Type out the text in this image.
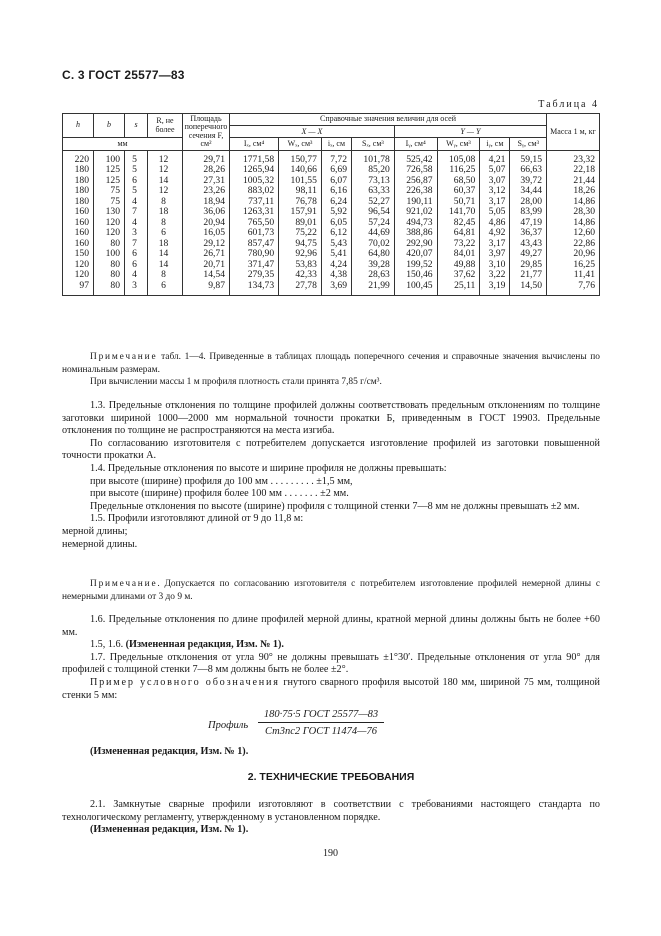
С. 3 ГОСТ 25577—83
Таблица 4
h	b	s	R, не более	Площадь поперечного сечения F, см²	Справочные значения величин для осей								Масса 1 м, кг
					X — X				Y — Y				
мм					Iₓ, см⁴	Wₓ, см³	iₓ, см	Sₓ, см³	Iᵧ, см⁴	Wᵧ, см³	iᵧ, см	Sᵧ, см³	
220	100	5	12	29,71	1771,58	150,77	7,72	101,78	525,42	105,08	4,21	59,15	23,32
180	125	5	12	28,26	1265,94	140,66	6,69	85,20	726,58	116,25	5,07	66,63	22,18
180	125	6	14	27,31	1005,32	101,55	6,07	73,13	256,87	68,50	3,07	39,72	21,44
180	75	5	12	23,26	883,02	98,11	6,16	63,33	226,38	60,37	3,12	34,44	18,26
180	75	4	8	18,94	737,11	76,78	6,24	52,27	190,11	50,71	3,17	28,00	14,86
160	130	7	18	36,06	1263,31	157,91	5,92	96,54	921,02	141,70	5,05	83,99	28,30
160	120	4	8	20,94	765,50	89,01	6,05	57,24	494,73	82,45	4,86	47,19	14,86
160	120	3	6	16,05	601,73	75,22	6,12	44,69	388,86	64,81	4,92	36,37	12,60
160	80	7	18	29,12	857,47	94,75	5,43	70,02	292,90	73,22	3,17	43,43	22,86
150	100	6	14	26,71	780,90	92,96	5,41	64,80	420,07	84,01	3,97	49,27	20,96
120	80	6	14	20,71	371,47	53,83	4,24	39,28	199,52	49,88	3,10	29,85	16,25
120	80	4	8	14,54	279,35	42,33	4,38	28,63	150,46	37,62	3,22	21,77	11,41
97	80	3	6	9,87	134,73	27,78	3,69	21,99	100,45	25,11	3,19	14,50	7,76

Примечание табл. 1—4. Приведенные в таблицах площадь поперечного сечения и справочные значения вычислены по номинальным размерам.

При вычислении массы 1 м профиля плотность стали принята 7,85 г/см³.

1.3. Предельные отклонения по толщине профилей должны соответствовать предельным отклонениям по толщине заготовки шириной 1000—2000 мм нормальной точности прокатки Б, приведенным в ГОСТ 19903. Предельные отклонения по толщине не распространяются на места изгиба.

По согласованию изготовителя с потребителем допускается изготовление профилей из заготовки повышенной точности прокатки А.

1.4. Предельные отклонения по высоте и ширине профиля не должны превышать:

при высоте (ширине) профиля до 100 мм . . . . . . . . . ±1,5 мм,

при высоте (ширине) профиля более 100 мм . . . . . . . ±2 мм.

Предельные отклонения по высоте (ширине) профиля с толщиной стенки 7—8 мм не должны превышать ±2 мм.

1.5. Профили изготовляют длиной от 9 до 11,8 м:

мерной длины;

немерной длины.

Примечание. Допускается по согласованию изготовителя с потребителем изготовление профилей немерной длины с немерными длинами от 3 до 9 м.

1.6. Предельные отклонения по длине профилей мерной длины, кратной мерной длины должны быть не более +60 мм.

1.5, 1.6. (Измененная редакция, Изм. № 1).

1.7. Предельные отклонения от угла 90° не должны превышать ±1°30′. Предельные отклонения от угла 90° для профилей с толщиной стенки 7—8 мм должны быть не более ±2°.

Пример условного обозначения гнутого сварного профиля высотой 180 мм, шириной 75 мм, толщиной стенки 5 мм:

Профиль
180·75·5 ГОСТ 25577—83
Ст3пс2 ГОСТ 11474—76

(Измененная редакция, Изм. № 1).

2. ТЕХНИЧЕСКИЕ ТРЕБОВАНИЯ

2.1. Замкнутые сварные профили изготовляют в соответствии с требованиями настоящего стандарта по технологическому регламенту, утвержденному в установленном порядке.

(Измененная редакция, Изм. № 1).

190
